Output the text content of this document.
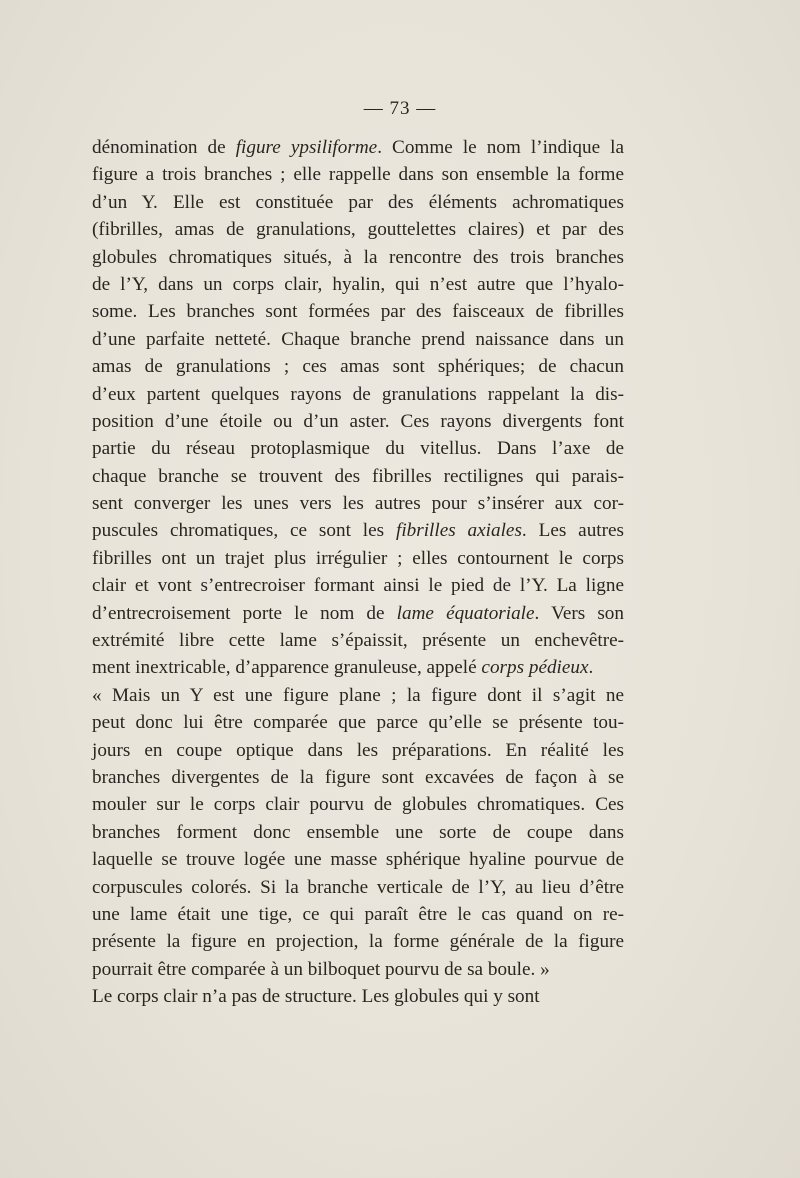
— 73 —
dénomination de figure ypsiliforme. Comme le nom l’indique la
figure a trois branches ; elle rappelle dans son ensemble la forme
d’un Y. Elle est constituée par des éléments achromatiques
(fibrilles, amas de granulations, gouttelettes claires) et par des
globules chromatiques situés, à la rencontre des trois branches
de l’Y, dans un corps clair, hyalin, qui n’est autre que l’hyalo-
some. Les branches sont formées par des faisceaux de fibrilles
d’une parfaite netteté. Chaque branche prend naissance dans un
amas de granulations ; ces amas sont sphériques; de chacun
d’eux partent quelques rayons de granulations rappelant la dis-
position d’une étoile ou d’un aster. Ces rayons divergents font
partie du réseau protoplasmique du vitellus. Dans l’axe de
chaque branche se trouvent des fibrilles rectilignes qui parais-
sent converger les unes vers les autres pour s’insérer aux cor-
puscules chromatiques, ce sont les fibrilles axiales. Les autres
fibrilles ont un trajet plus irrégulier ; elles contournent le corps
clair et vont s’entrecroiser formant ainsi le pied de l’Y. La ligne
d’entrecroisement porte le nom de lame équatoriale. Vers son
extrémité libre cette lame s’épaissit, présente un enchevêtre-
ment inextricable, d’apparence granuleuse, appelé corps pédieux.
« Mais un Y est une figure plane ; la figure dont il s’agit ne
peut donc lui être comparée que parce qu’elle se présente tou-
jours en coupe optique dans les préparations. En réalité les
branches divergentes de la figure sont excavées de façon à se
mouler sur le corps clair pourvu de globules chromatiques. Ces
branches forment donc ensemble une sorte de coupe dans
laquelle se trouve logée une masse sphérique hyaline pourvue de
corpuscules colorés. Si la branche verticale de l’Y, au lieu d’être
une lame était une tige, ce qui paraît être le cas quand on re-
présente la figure en projection, la forme générale de la figure
pourrait être comparée à un bilboquet pourvu de sa boule. »
Le corps clair n’a pas de structure. Les globules qui y sont
